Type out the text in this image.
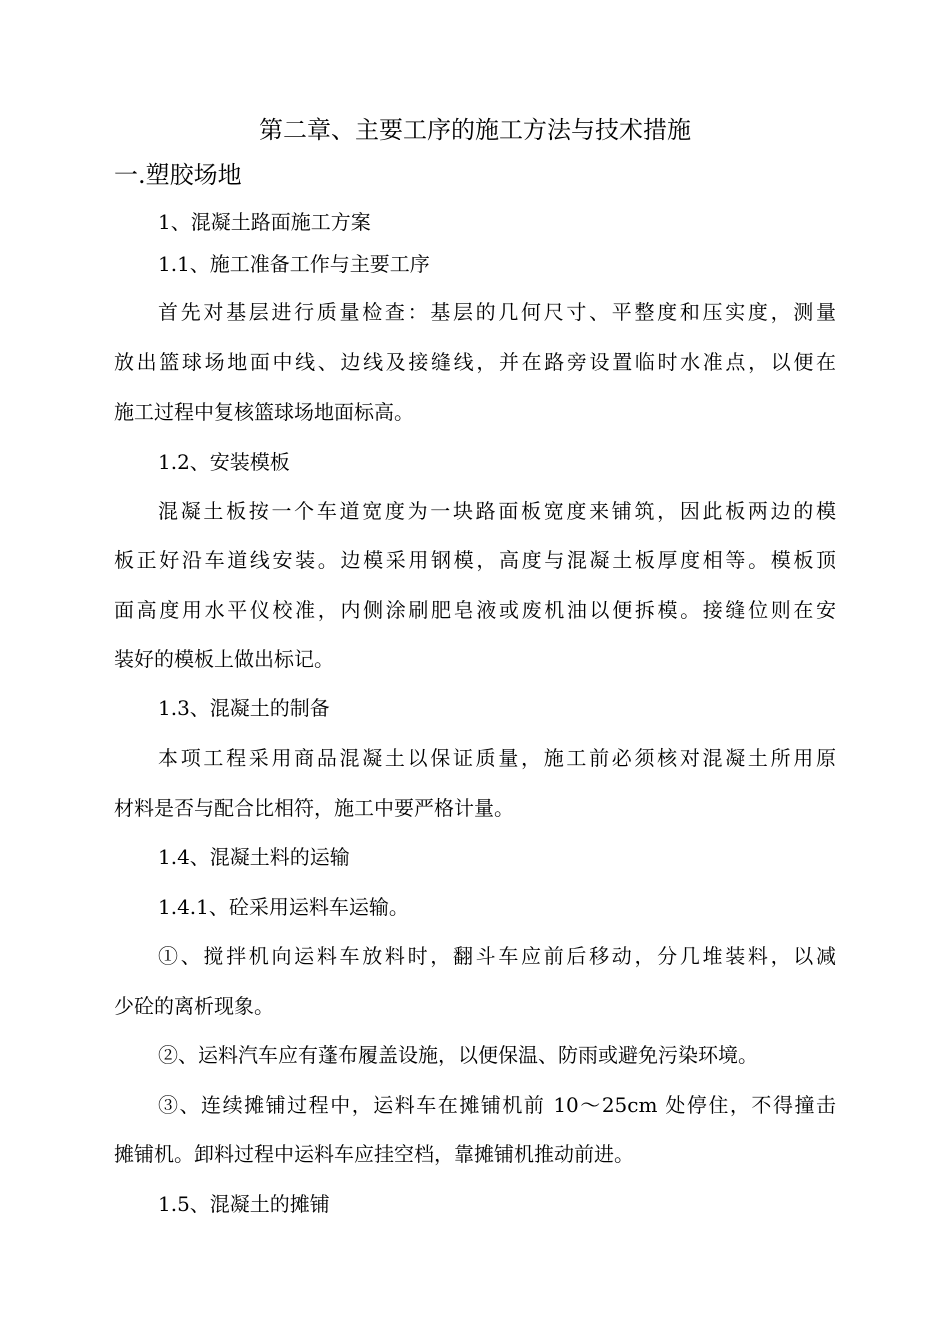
第二章、主要工序的施工方法与技术措施
一.塑胶场地
1、混凝土路面施工方案
1.1、施工准备工作与主要工序
首先对基层进行质量检查：基层的几何尺寸、平整度和压实度，测量
放出篮球场地面中线、边线及接缝线，并在路旁设置临时水准点，以便在
施工过程中复核篮球场地面标高。
1.2、安装模板
混凝土板按一个车道宽度为一块路面板宽度来铺筑，因此板两边的模
板正好沿车道线安装。边模采用钢模，高度与混凝土板厚度相等。模板顶
面高度用水平仪校准，内侧涂刷肥皂液或废机油以便拆模。接缝位则在安
装好的模板上做出标记。
1.3、混凝土的制备
本项工程采用商品混凝土以保证质量，施工前必须核对混凝土所用原
材料是否与配合比相符，施工中要严格计量。
1.4、混凝土料的运输
1.4.1、砼采用运料车运输。
①、搅拌机向运料车放料时，翻斗车应前后移动，分几堆装料，以减
少砼的离析现象。
②、运料汽车应有蓬布履盖设施，以便保温、防雨或避免污染环境。
③、连续摊铺过程中，运料车在摊铺机前 10～25cm 处停住，不得撞击
摊铺机。卸料过程中运料车应挂空档，靠摊铺机推动前进。
1.5、混凝土的摊铺
